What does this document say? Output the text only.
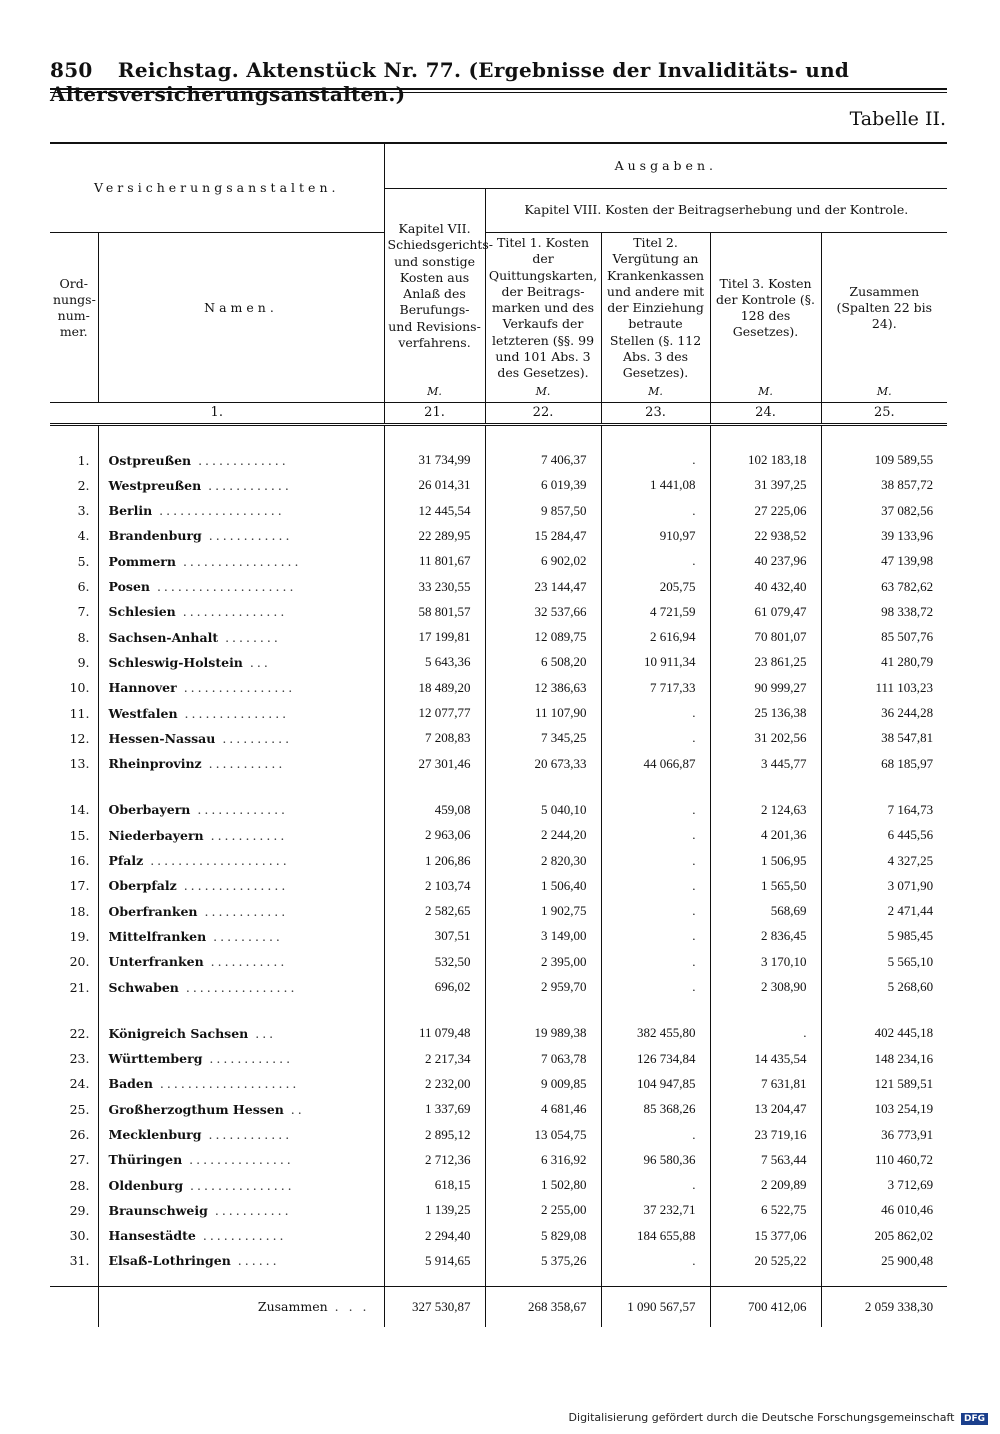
850 Reichstag. Aktenstück Nr. 77. (Ergebnisse der Invaliditäts- und Altersversicherungsanstalten.)
Tabelle II.
Versicherungsanstalten.		Ausgaben.				
		Kapitel VII. Schiedsgerichts- und sonstige Kosten aus Anlaß des Berufungs- und Revisions-verfahrens.	Kapitel VIII. Kosten der Beitragserhebung und der Kontrole.			
Ord-nungs-num-mer.	Namen.		Titel 1. Kosten der Quittungskarten, der Beitrags-marken und des Verkaufs der letzteren (§§. 99 und 101 Abs. 3 des Gesetzes).	Titel 2. Vergütung an Krankenkassen und andere mit der Einziehung betraute Stellen (§. 112 Abs. 3 des Gesetzes).	Titel 3. Kosten der Kontrole (§. 128 des Gesetzes).	Zusammen (Spalten 22 bis 24).
		M.	M.	M.	M.	M.
1.		21.	22.	23.	24.	25.

1.	Ostpreußen .............	31 734,99	7 406,37	.	102 183,18	109 589,55
2.	Westpreußen ............	26 014,31	6 019,39	1 441,08	31 397,25	38 857,72
3.	Berlin ..................	12 445,54	9 857,50	.	27 225,06	37 082,56
4.	Brandenburg ............	22 289,95	15 284,47	910,97	22 938,52	39 133,96
5.	Pommern .................	11 801,67	6 902,02	.	40 237,96	47 139,98
6.	Posen ....................	33 230,55	23 144,47	205,75	40 432,40	63 782,62
7.	Schlesien ...............	58 801,57	32 537,66	4 721,59	61 079,47	98 338,72
8.	Sachsen-Anhalt ........	17 199,81	12 089,75	2 616,94	70 801,07	85 507,76
9.	Schleswig-Holstein ...	5 643,36	6 508,20	10 911,34	23 861,25	41 280,79
10.	Hannover ................	18 489,20	12 386,63	7 717,33	90 999,27	111 103,23
11.	Westfalen ...............	12 077,77	11 107,90	.	25 136,38	36 244,28
12.	Hessen-Nassau ..........	7 208,83	7 345,25	.	31 202,56	38 547,81
13.	Rheinprovinz ...........	27 301,46	20 673,33	44 066,87	3 445,77	68 185,97

14.	Oberbayern .............	459,08	5 040,10	.	2 124,63	7 164,73
15.	Niederbayern ...........	2 963,06	2 244,20	.	4 201,36	6 445,56
16.	Pfalz ....................	1 206,86	2 820,30	.	1 506,95	4 327,25
17.	Oberpfalz ...............	2 103,74	1 506,40	.	1 565,50	3 071,90
18.	Oberfranken ............	2 582,65	1 902,75	.	568,69	2 471,44
19.	Mittelfranken ..........	307,51	3 149,00	.	2 836,45	5 985,45
20.	Unterfranken ...........	532,50	2 395,00	.	3 170,10	5 565,10
21.	Schwaben ................	696,02	2 959,70	.	2 308,90	5 268,60

22.	Königreich Sachsen ...	11 079,48	19 989,38	382 455,80	.	402 445,18
23.	Württemberg ............	2 217,34	7 063,78	126 734,84	14 435,54	148 234,16
24.	Baden ....................	2 232,00	9 009,85	104 947,85	7 631,81	121 589,51
25.	Großherzogthum Hessen ..	1 337,69	4 681,46	85 368,26	13 204,47	103 254,19
26.	Mecklenburg ............	2 895,12	13 054,75	.	23 719,16	36 773,91
27.	Thüringen ...............	2 712,36	6 316,92	96 580,36	7 563,44	110 460,72
28.	Oldenburg ...............	618,15	1 502,80	.	2 209,89	3 712,69
29.	Braunschweig ...........	1 139,25	2 255,00	37 232,71	6 522,75	46 010,46
30.	Hansestädte ............	2 294,40	5 829,08	184 655,88	15 377,06	205 862,02
31.	Elsaß-Lothringen ......	5 914,65	5 375,26	.	20 525,22	25 900,48

	Zusammen . . .	327 530,87	268 358,67	1 090 567,57	700 412,06	2 059 338,30
Digitalisierung gefördert durch die Deutsche Forschungsgemeinschaft DFG
